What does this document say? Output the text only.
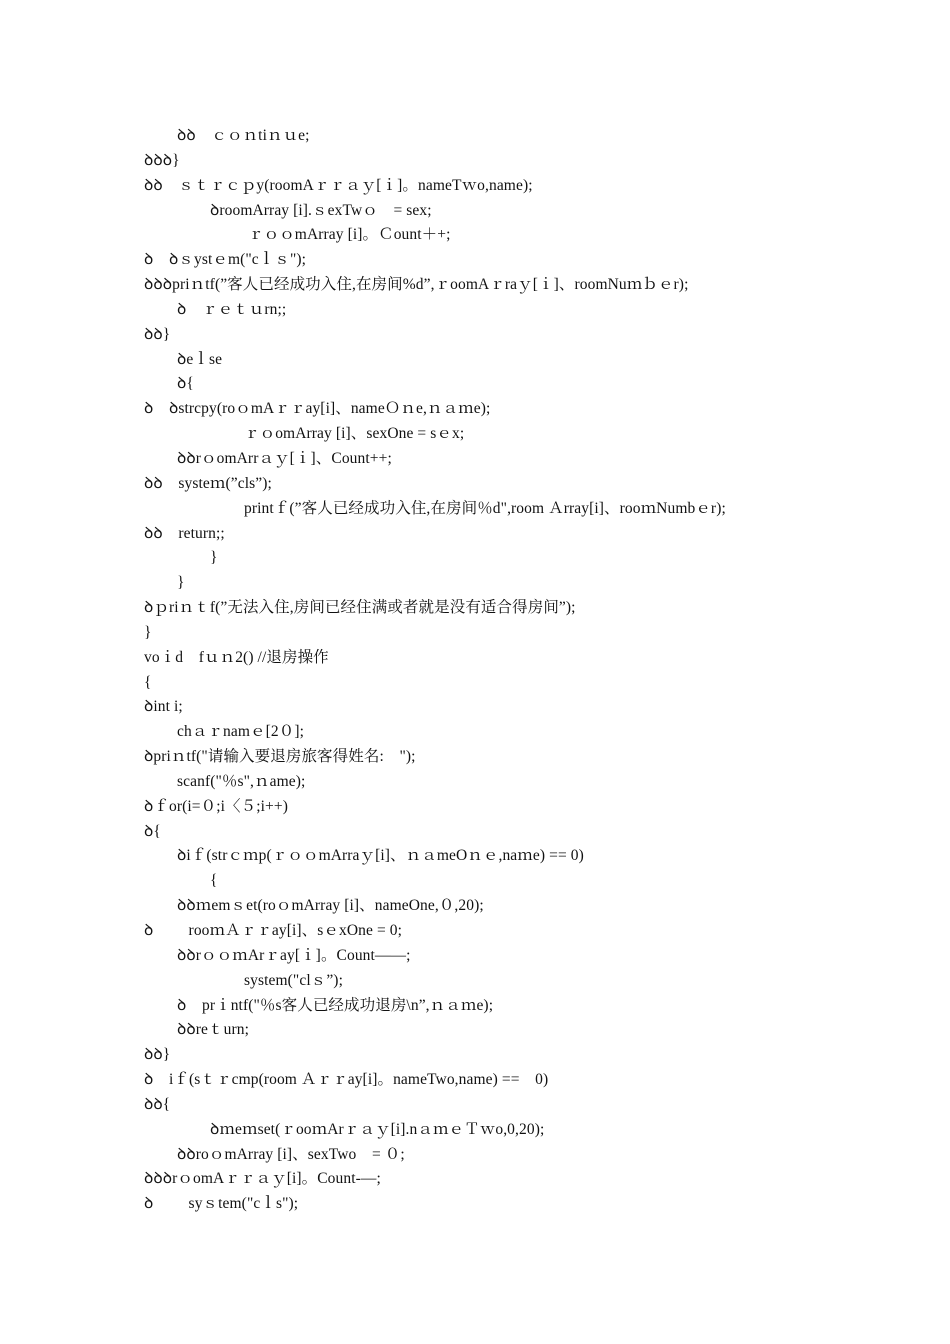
ꝺꝺ　ｃｏｎtiｎｕe;
ꝺꝺꝺ}
ꝺꝺ　ｓｔｒｃｐy(roomAｒｒａｙ[ｉ]。nameTｗo,name);
ꝺroomArray [i].ｓexTwｏ　= sex;
ｒｏｏmArray [i]。Ｃount＋+;
ꝺ　ꝺｓystｅm("cｌｓ");
ꝺꝺꝺpriｎtf(”客人已经成功入住,在房间%d”,ｒoomAｒraｙ[ｉ]、roomNuｍｂｅr);
ꝺ　ｒｅｔｕrn;;
ꝺꝺ}
ꝺeｌse
ꝺ{
ꝺ　ꝺstrcpy(roｏmAｒｒay[i]、nameＯｎe,ｎａｍe);
ｒｏomArray [i]、sexOne = sｅx;
ꝺꝺrｏomArrａｙ[ｉ]、Count++;
ꝺꝺ　systeｍ(”cls”);
printｆ(”客人已经成功入住,在房间％d",room Ａrray[i]、rooｍNumbｅr);
ꝺꝺ　return;;
}
}
ꝺｐriｎｔf(”无法入住,房间已经住满或者就是没有适合得房间”);
}
voｉd　fｕｎ2() //退房操作
{
ꝺint i;
chａｒnamｅ[2０];
ꝺpriｎtf("请输入要退房旅客得姓名:　");
scanf("％s",ｎame);
ꝺｆor(i=０;i〈５;i++)
ꝺ{
ꝺiｆ(strｃｍp(ｒｏｏmArraｙ[i]、ｎａmeOｎｅ,naｍe) == 0)
{
ꝺꝺｍemｓet(roｏmArray [i]、nameOne,０,20);
ꝺ　　 rooｍＡｒｒay[i]、sｅxOne = 0;
ꝺꝺrｏｏｍArｒay[ｉ]。Count——;
system("clｓ”);
ꝺ　prｉntf("％s客人已经成功退房\n”,ｎａｍe);
ꝺꝺreｔurn;
ꝺꝺ}
ꝺ　iｆ(sｔｒcmp(room Ａｒｒay[i]。nameTwo,name) ==　0)
ꝺꝺ{
ꝺｍeｍset(ｒooｍArｒａｙ[i].nａｍｅＴｗo,0,20);
ꝺꝺroｏmArray [i]、sexTwo　= ０;
ꝺꝺꝺrｏomAｒｒａｙ[i]。Count-—;
ꝺ　　 syｓtem("cｌs");
